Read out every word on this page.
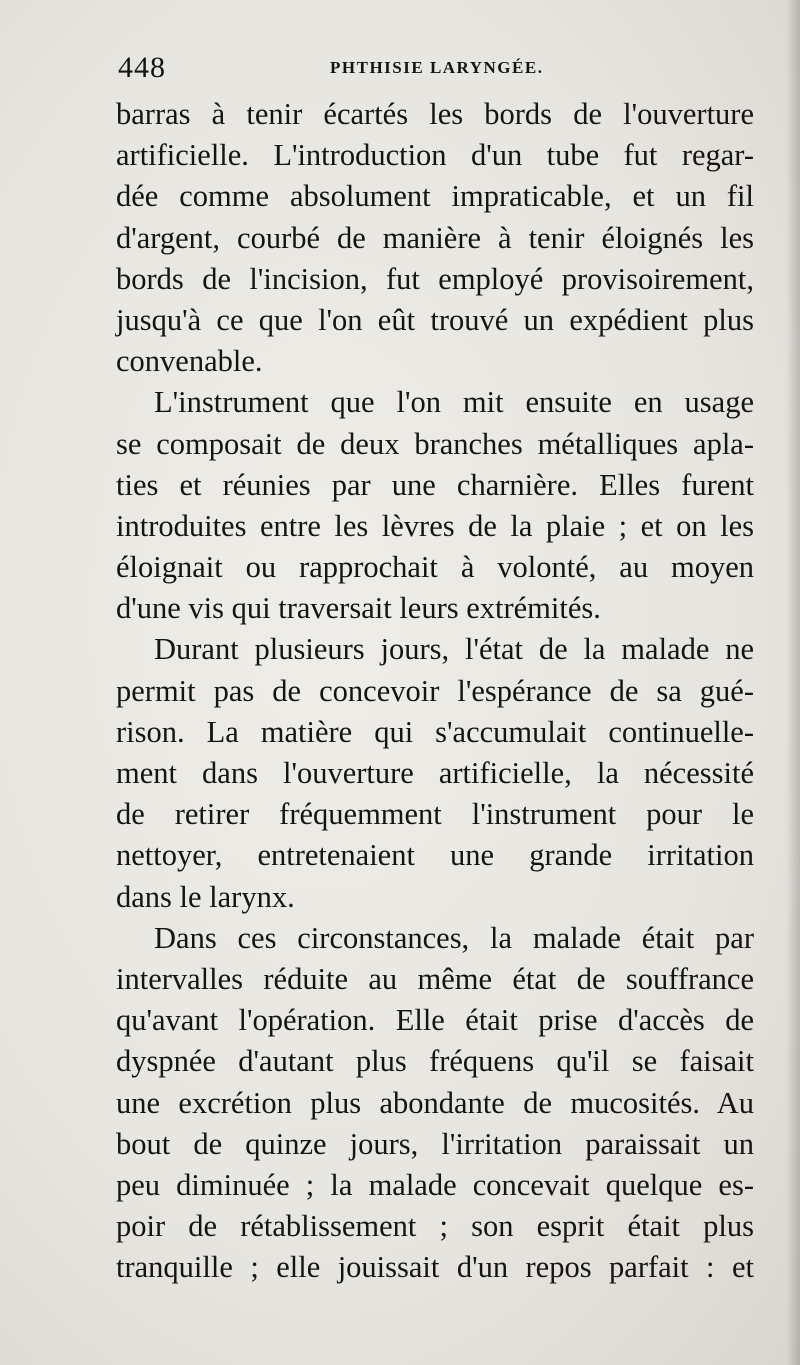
448	PHTHISIE LARYNGÉE.
barras à tenir écartés les bords de l'ouverture
artificielle. L'introduction d'un tube fut regar-
dée comme absolument impraticable, et un fil
d'argent, courbé de manière à tenir éloignés les
bords de l'incision, fut employé provisoirement,
jusqu'à ce que l'on eût trouvé un expédient plus
convenable.
L'instrument que l'on mit ensuite en usage
se composait de deux branches métalliques apla-
ties et réunies par une charnière. Elles furent
introduites entre les lèvres de la plaie ; et on les
éloignait ou rapprochait à volonté, au moyen
d'une vis qui traversait leurs extrémités.
Durant plusieurs jours, l'état de la malade ne
permit pas de concevoir l'espérance de sa gué-
rison. La matière qui s'accumulait continuelle-
ment dans l'ouverture artificielle, la nécessité
de retirer fréquemment l'instrument pour le
nettoyer, entretenaient une grande irritation
dans le larynx.
Dans ces circonstances, la malade était par
intervalles réduite au même état de souffrance
qu'avant l'opération. Elle était prise d'accès de
dyspnée d'autant plus fréquens qu'il se faisait
une excrétion plus abondante de mucosités. Au
bout de quinze jours, l'irritation paraissait un
peu diminuée ; la malade concevait quelque es-
poir de rétablissement ; son esprit était plus
tranquille ; elle jouissait d'un repos parfait : et
